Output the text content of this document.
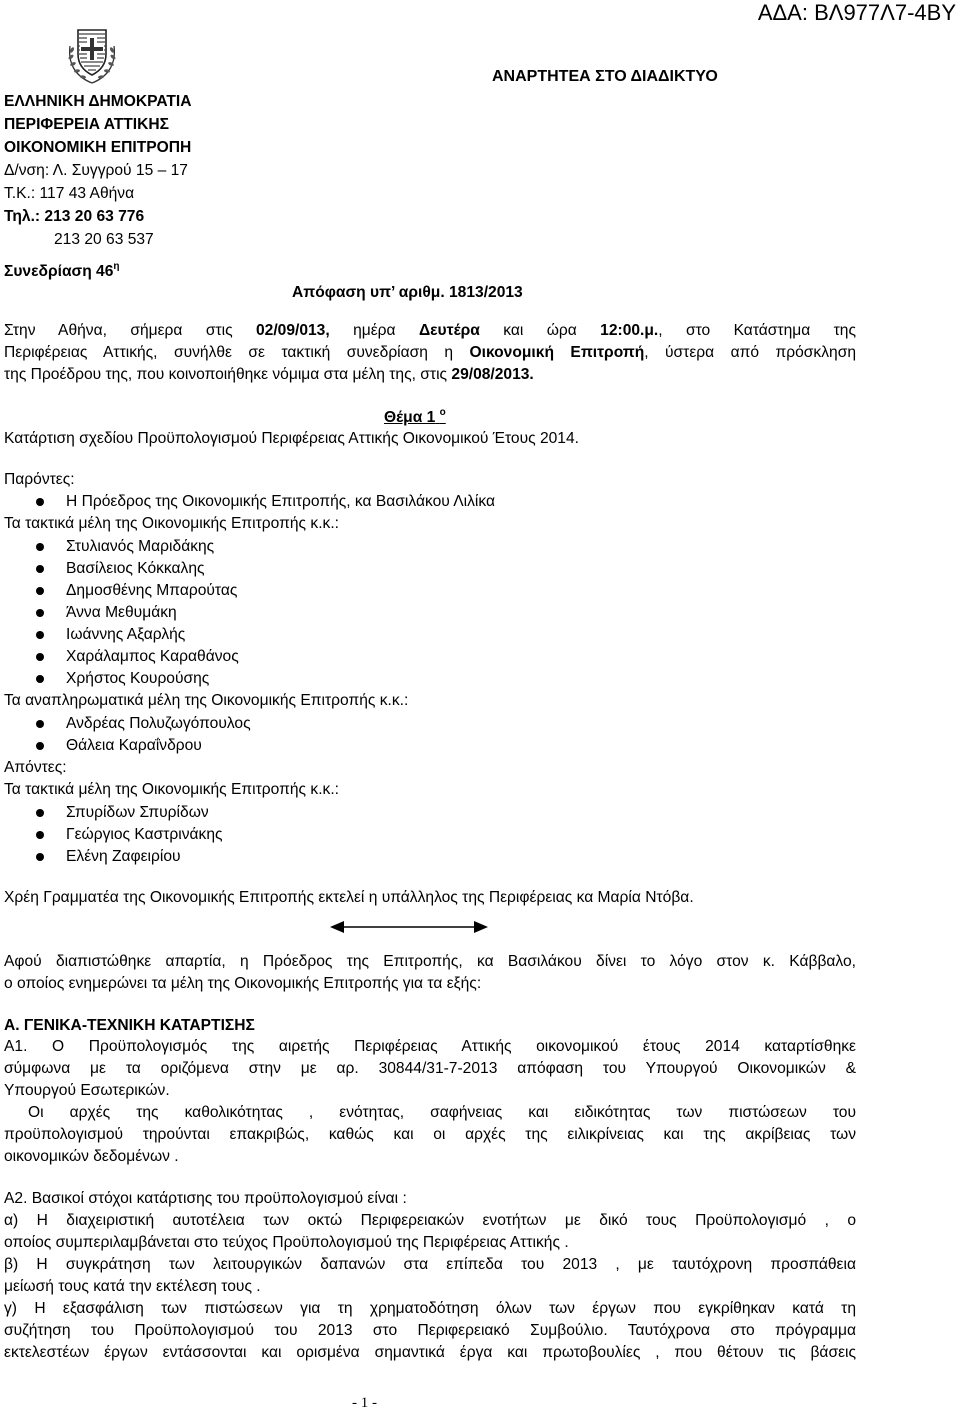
ΑΔΑ: ΒΛ977Λ7-4ΒΥ
ΕΛΛΗΝΙΚΗ ΔΗΜΟΚΡΑΤΙΑ
ΠΕΡΙΦΕΡΕΙΑ ΑΤΤΙΚΗΣ
ΟΙΚΟΝΟΜΙΚΗ ΕΠΙΤΡΟΠΗ
Δ/νση: Λ. Συγγρού 15 – 17
Τ.Κ.: 117 43 Αθήνα
Τηλ.: 213 20 63 776
213 20 63 537
ΑΝΑΡΤΗΤΕΑ ΣΤΟ ΔΙΑΔΙΚΤΥΟ
Συνεδρίαση $46^\eta$
Απόφαση υπ’ αριθμ. 1813/2013
Στην Αθήνα, σήμερα στις 02/09/013, ημέρα Δευτέρα και ώρα 12:00.μ., στο Κατάστημα της
Περιφέρειας Αττικής, συνήλθε σε τακτική συνεδρίαση η Οικονομική Επιτροπή, ύστερα από πρόσκληση
της Προέδρου της, που κοινοποιήθηκε νόμιμα στα μέλη της, στις 29/08/2013.
Θέμα 1 $^o$
Κατάρτιση σχεδίου Προϋπολογισμού Περιφέρειας Αττικής Οικονομικού Έτους 2014.
Παρόντες:
Η Πρόεδρος της Οικονομικής Επιτροπής, κα Βασιλάκου Λιλίκα
Τα τακτικά μέλη της Οικονομικής Επιτροπής κ.κ.:
Στυλιανός Μαριδάκης
Βασίλειος Κόκκαλης
Δημοσθένης Μπαρούτας
Άννα Μεθυμάκη
Ιωάννης Αξαρλής
Χαράλαμπος Καραθάνος
Χρήστος Κουρούσης
Τα αναπληρωματικά μέλη της Οικονομικής Επιτροπής κ.κ.:
Ανδρέας Πολυζωγόπουλος
Θάλεια Καραΐνδρου
Απόντες:
Τα τακτικά μέλη της Οικονομικής Επιτροπής κ.κ.:
Σπυρίδων Σπυρίδων
Γεώργιος Καστρινάκης
Ελένη Ζαφειρίου
Χρέη Γραμματέα της Οικονομικής Επιτροπής εκτελεί η υπάλληλος της Περιφέρειας κα Μαρία Ντόβα.
Αφού διαπιστώθηκε απαρτία, η Πρόεδρος της Επιτροπής, κα Βασιλάκου δίνει το λόγο στον κ. Κάββαλο,
ο οποίος ενημερώνει τα μέλη της Οικονομικής Επιτροπής για τα εξής:
Α. ΓΕΝΙΚΑ-ΤΕΧΝΙΚΗ ΚΑΤΑΡΤΙΣΗΣ
Α1. Ο Προϋπολογισμός της αιρετής Περιφέρειας Αττικής οικονομικού έτους 2014 καταρτίσθηκε
σύμφωνα με τα οριζόμενα στην με αρ. 30844/31-7-2013 απόφαση του Υπουργού Οικονομικών &
Υπουργού Εσωτερικών.
Οι αρχές της καθολικότητας , ενότητας, σαφήνειας και ειδικότητας των πιστώσεων του
προϋπολογισμού τηρούνται επακριβώς, καθώς και οι αρχές της ειλικρίνειας και της ακρίβειας των
οικονομικών δεδομένων .
Α2. Βασικοί στόχοι κατάρτισης του προϋπολογισμού είναι :
α) Η διαχειριστική αυτοτέλεια των οκτώ Περιφερειακών ενοτήτων με δικό τους Προϋπολογισμό , ο
οποίος συμπεριλαμβάνεται στο τεύχος Προϋπολογισμού της Περιφέρειας Αττικής .
β) Η συγκράτηση των λειτουργικών δαπανών στα επίπεδα του 2013 , με ταυτόχρονη προσπάθεια
μείωσή τους κατά την εκτέλεση τους .
γ) Η εξασφάλιση των πιστώσεων για τη χρηματοδότηση όλων των έργων που εγκρίθηκαν κατά τη
συζήτηση του Προϋπολογισμού του 2013 στο Περιφερειακό Συμβούλιο. Ταυτόχρονα στο πρόγραμμα
εκτελεστέων έργων εντάσσονται και ορισμένα σημαντικά έργα και πρωτοβουλίες , που θέτουν τις βάσεις
- 1 -
